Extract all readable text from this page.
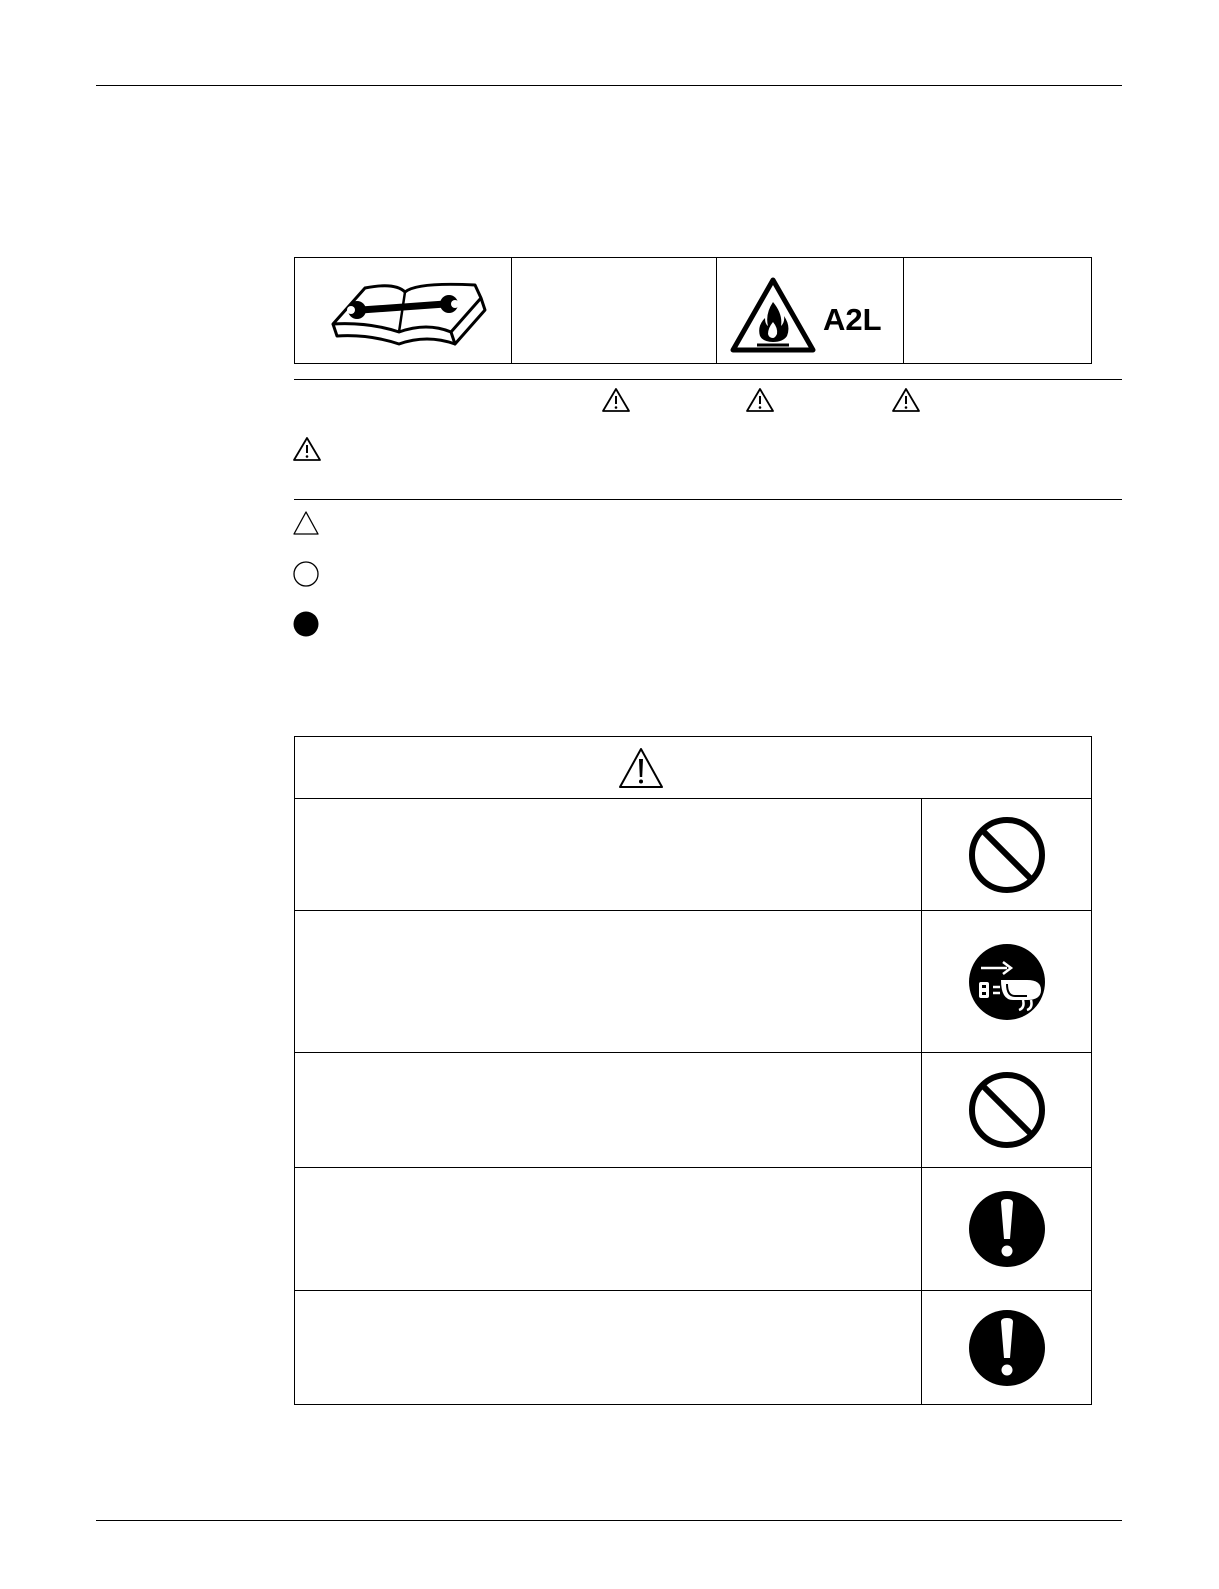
A2L
